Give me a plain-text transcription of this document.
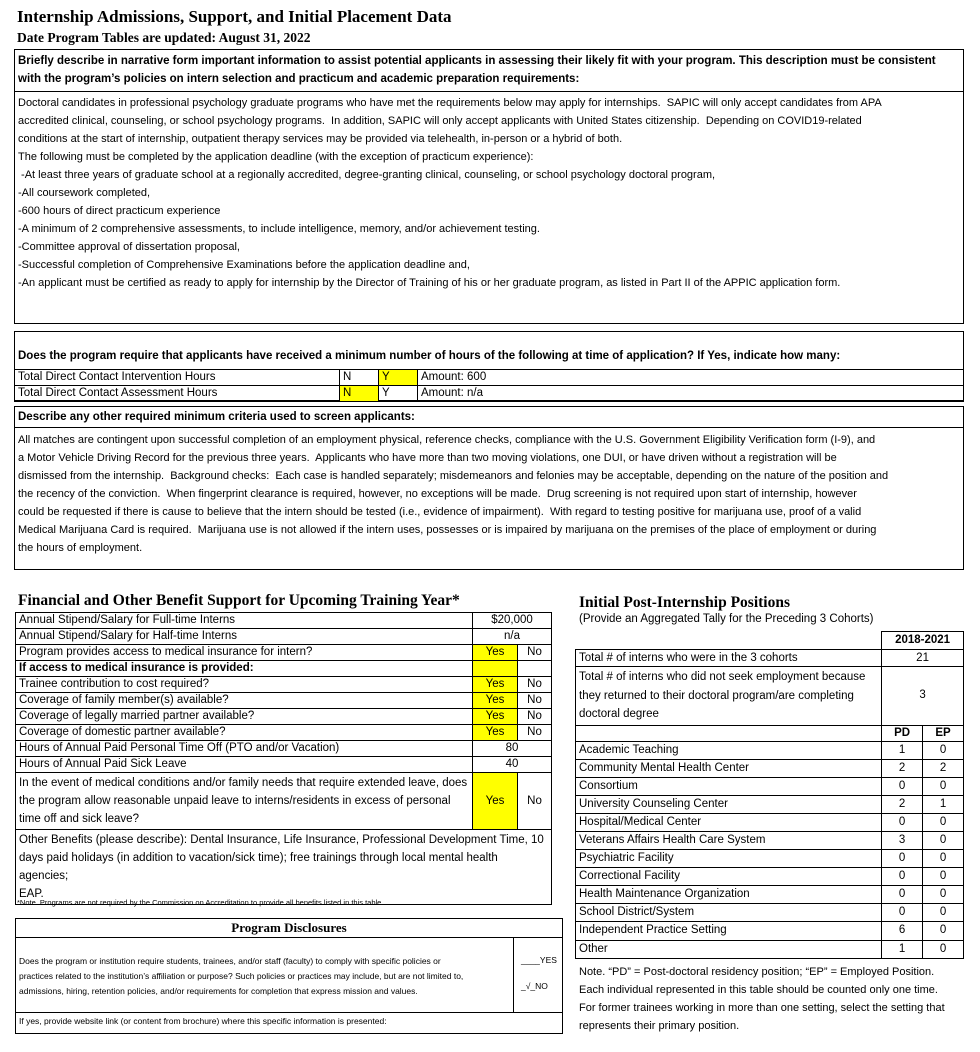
Internship Admissions, Support, and Initial Placement Data
Date Program Tables are updated: August 31, 2022
Briefly describe in narrative form important information to assist potential applicants in assessing their likely fit with your program. This description must be consistent with the program’s policies on intern selection and practicum and academic preparation requirements:
Doctoral candidates in professional psychology graduate programs who have met the requirements below may apply for internships.  SAPIC will only accept candidates from APA
accredited clinical, counseling, or school psychology programs.  In addition, SAPIC will only accept applicants with United States citizenship.  Depending on COVID19-related
conditions at the start of internship, outpatient therapy services may be provided via telehealth, in-person or a hybrid of both.
The following must be completed by the application deadline (with the exception of practicum experience):
-At least three years of graduate school at a regionally accredited, degree-granting clinical, counseling, or school psychology doctoral program,
-All coursework completed,
-600 hours of direct practicum experience
-A minimum of 2 comprehensive assessments, to include intelligence, memory, and/or achievement testing.
-Committee approval of dissertation proposal,
-Successful completion of Comprehensive Examinations before the application deadline and,
-An applicant must be certified as ready to apply for internship by the Director of Training of his or her graduate program, as listed in Part II of the APPIC application form.
Does the program require that applicants have received a minimum number of hours of the following at time of application? If Yes, indicate how many:
Total Direct Contact Intervention Hours	N	Y	Amount: 600
Total Direct Contact Assessment Hours	N	Y	Amount: n/a
Describe any other required minimum criteria used to screen applicants:
All matches are contingent upon successful completion of an employment physical, reference checks, compliance with the U.S. Government Eligibility Verification form (I-9), and
a Motor Vehicle Driving Record for the previous three years.  Applicants who have more than two moving violations, one DUI, or have driven without a registration will be
dismissed from the internship.  Background checks:  Each case is handled separately; misdemeanors and felonies may be acceptable, depending on the nature of the position and
the recency of the conviction.  When fingerprint clearance is required, however, no exceptions will be made.  Drug screening is not required upon start of internship, however
could be requested if there is cause to believe that the intern should be tested (i.e., evidence of impairment).  With regard to testing positive for marijuana use, proof of a valid
Medical Marijuana Card is required.  Marijuana use is not allowed if the intern uses, possesses or is impaired by marijuana on the premises of the place of employment or during
the hours of employment.
Financial and Other Benefit Support for Upcoming Training Year*
Annual Stipend/Salary for Full-time Interns	$20,000	
Annual Stipend/Salary for Half-time Interns	n/a	
Program provides access to medical insurance for intern?	Yes	No
If access to medical insurance is provided:		
Trainee contribution to cost required?	Yes	No
Coverage of family member(s) available?	Yes	No
Coverage of legally married partner available?	Yes	No
Coverage of domestic partner available?	Yes	No
Hours of Annual Paid Personal Time Off (PTO and/or Vacation)	80	
Hours of Annual Paid Sick Leave	40	

In the event of medical conditions and/or family needs that require extended leave, does
the program allow reasonable unpaid leave to interns/residents in excess of personal
time off and sick leave?	Yes	No

Other Benefits (please describe): Dental Insurance, Life Insurance, Professional Development Time, 10
days paid holidays (in addition to vacation/sick time); free trainings through local mental health agencies;
EAP.		
*Note. Programs are not required by the Commission on Accreditation to provide all benefits listed in this table
Program Disclosures
Does the program or institution require students, trainees, and/or staff (faculty) to comply with specific policies or
practices related to the institution’s affiliation or purpose? Such policies or practices may include, but are not limited to,
admissions, hiring, retention policies, and/or requirements for completion that express mission and values.
____YES
_√_NO
If yes, provide website link (or content from brochure) where this specific information is presented:
Initial Post-Internship Positions
(Provide an Aggregated Tally for the Preceding 3 Cohorts)
	2018-2021	
Total # of interns who were in the 3 cohorts	21	

Total # of interns who did not seek employment because
they returned to their doctoral program/are completing
doctoral degree	3	
	PD	EP
Academic Teaching	1	0
Community Mental Health Center	2	2
Consortium	0	0
University Counseling Center	2	1
Hospital/Medical Center	0	0
Veterans Affairs Health Care System	3	0
Psychiatric Facility	0	0
Correctional Facility	0	0
Health Maintenance Organization	0	0
School District/System	0	0
Independent Practice Setting	6	0
Other	1	0
Note. “PD” = Post-doctoral residency position; “EP” = Employed Position.
Each individual represented in this table should be counted only one time.
For former trainees working in more than one setting, select the setting that
represents their primary position.
